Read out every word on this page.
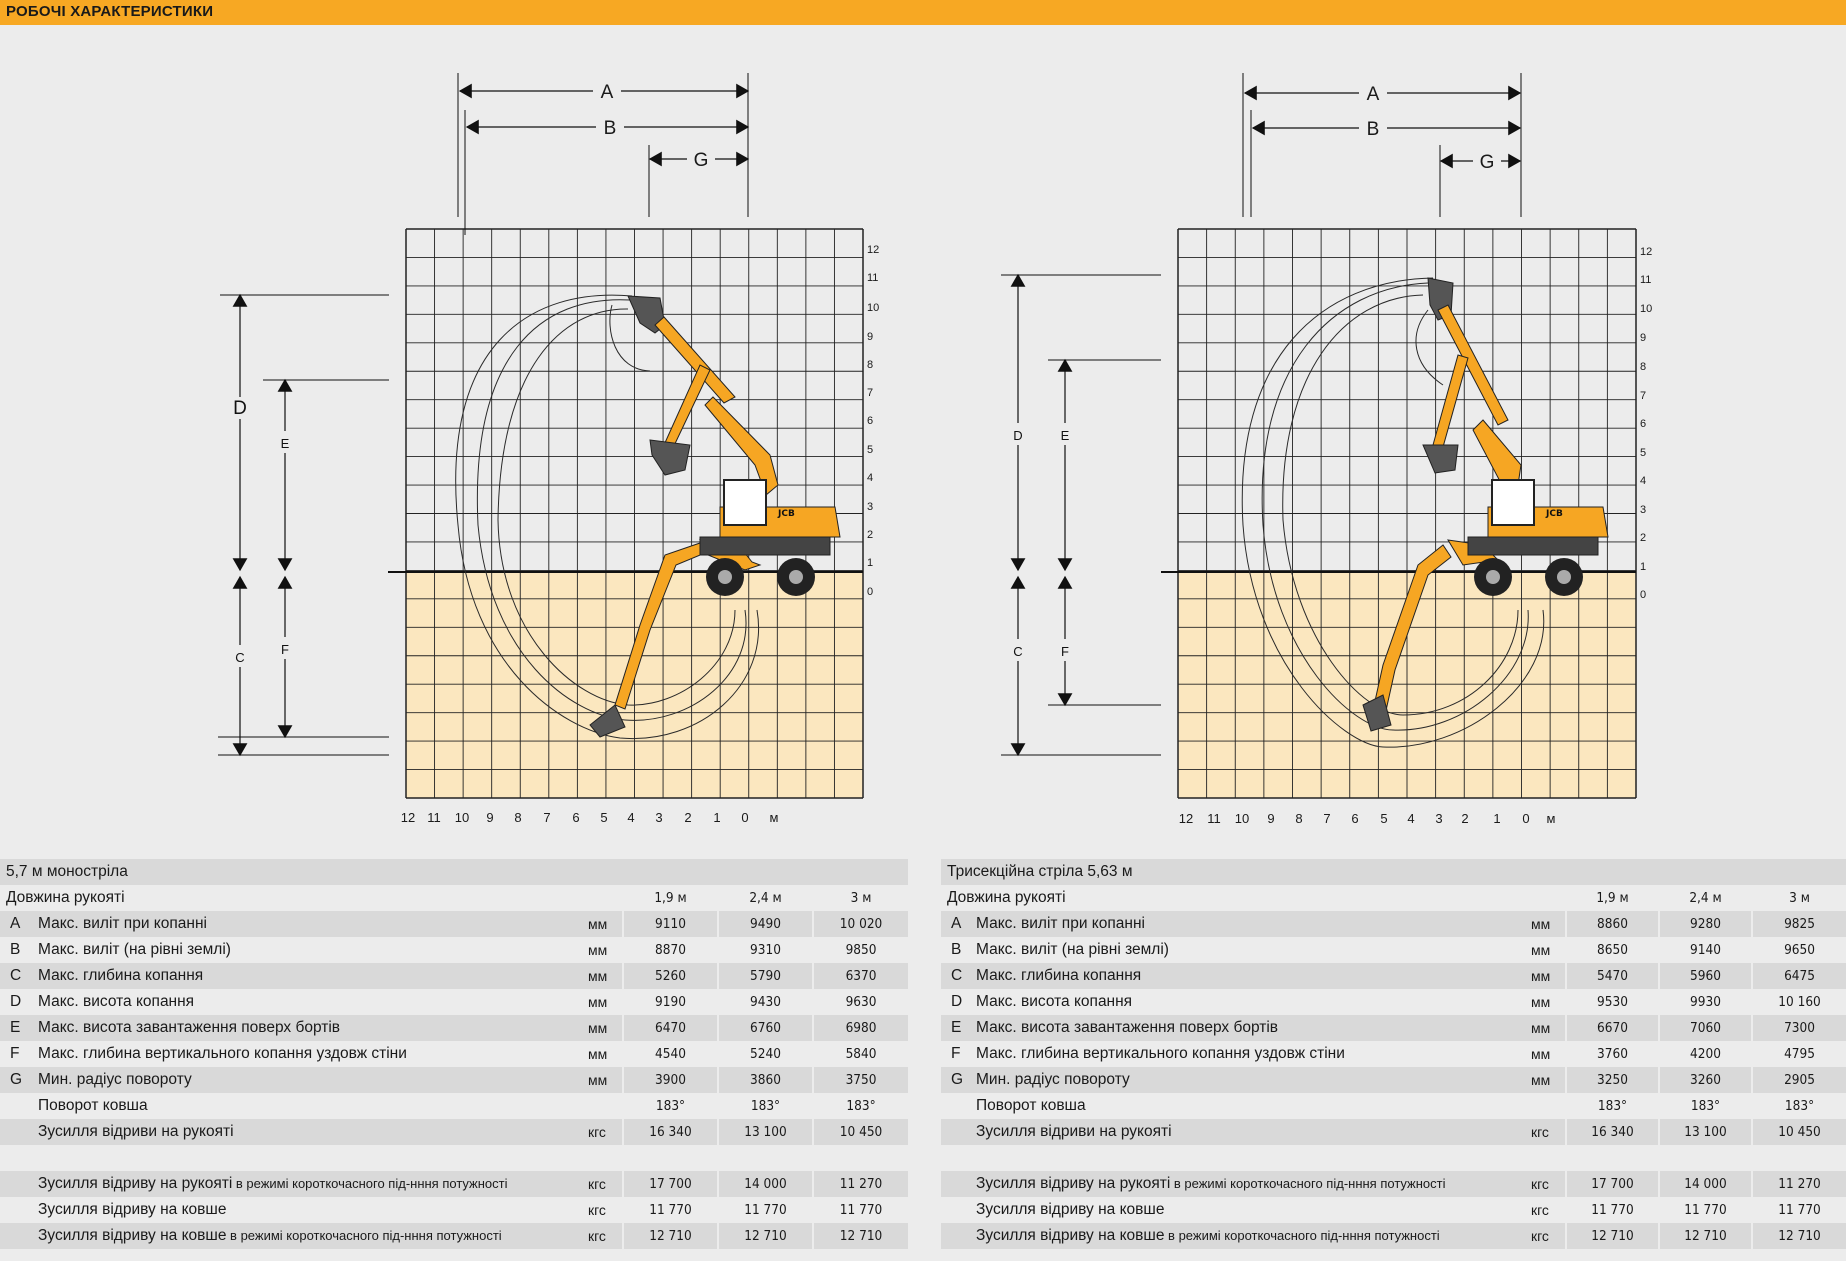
РОБОЧІ ХАРАКТЕРИСТИКИ
12
11
10
9
8
7
6
5
4
3
2
1
0
12 11 10 9 8 7 6 5 4 3 2 1 0 м
JCB
A
B
G
D
E
C
F
12
11
10
9
8
7
6
5
4
3
2
1
0
12 11 10 9 8 7 6 5 4 3 2 1 0 м
JCB
A
B
G
D	E
C	F
5,7 м моностріла					
Довжина рукояті			1,9 м	2,4 м	3 м
A	Макс. виліт при копанні	мм	9110	9490	10 020
B	Макс. виліт (на рівні землі)	мм	8870	9310	9850
C	Макс. глибина копання	мм	5260	5790	6370
D	Макс. висота копання	мм	9190	9430	9630
E	Макс. висота завантаження поверх бортів	мм	6470	6760	6980
F	Макс. глибина вертикального копання уздовж стіни	мм	4540	5240	5840
G	Мин. радіус повороту	мм	3900	3860	3750
	Поворот ковша		183°	183°	183°
	Зусилля відриви на рукояті	кгс	16 340	13 100	10 450

	Зусилля відриву на рукояті в режимі короткочасного під-нння потужності	кгс	17 700	14 000	11 270
	Зусилля відриву на ковше	кгс	11 770	11 770	11 770
	Зусилля відриву на ковше в режимі короткочасного під-нння потужності	кгс	12 710	12 710	12 710
Трисекційна стріла 5,63 м					
Довжина рукояті			1,9 м	2,4 м	3 м
A	Макс. виліт при копанні	мм	8860	9280	9825
B	Макс. виліт (на рівні землі)	мм	8650	9140	9650
C	Макс. глибина копання	мм	5470	5960	6475
D	Макс. висота копання	мм	9530	9930	10 160
E	Макс. висота завантаження поверх бортів	мм	6670	7060	7300
F	Макс. глибина вертикального копання уздовж стіни	мм	3760	4200	4795
G	Мин. радіус повороту	мм	3250	3260	2905
	Поворот ковша		183°	183°	183°
	Зусилля відриви на рукояті	кгс	16 340	13 100	10 450

	Зусилля відриву на рукояті в режимі короткочасного під-нння потужності	кгс	17 700	14 000	11 270
	Зусилля відриву на ковше	кгс	11 770	11 770	11 770
	Зусилля відриву на ковше в режимі короткочасного під-нння потужності	кгс	12 710	12 710	12 710
